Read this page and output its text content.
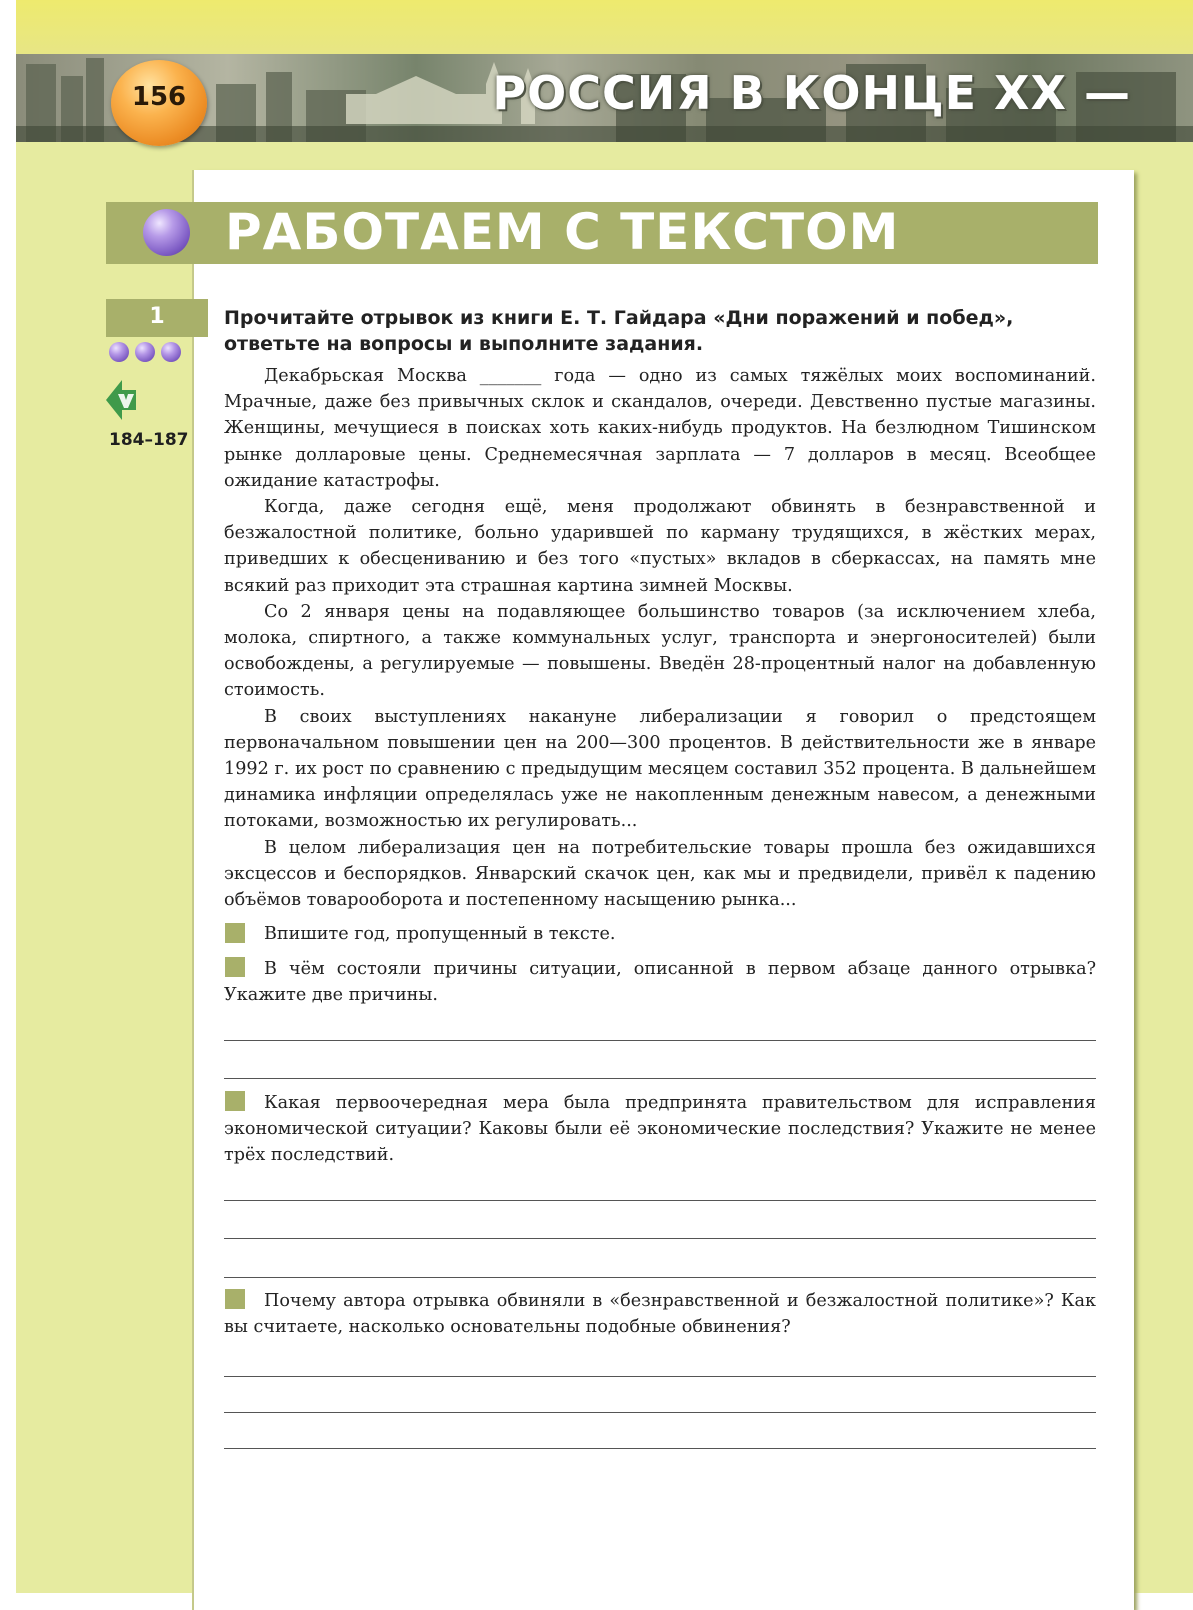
РОССИЯ В КОНЦЕ XX —
156
РАБОТАЕМ С ТЕКСТОМ
1
184–187
Прочитайте отрывок из книги Е. Т. Гайдара «Дни поражений и побед», ответьте на вопросы и выполните задания.

Декабрьская Москва _______ года — одно из самых тяжёлых моих воспоминаний. Мрачные, даже без привычных склок и скандалов, очереди. Девственно пустые магазины. Женщины, мечущиеся в поисках хоть каких-нибудь продуктов. На безлюдном Тишинском рынке долларовые цены. Среднемесячная зарплата — 7 долларов в месяц. Всеобщее ожидание катастрофы.

Когда, даже сегодня ещё, меня продолжают обвинять в безнравственной и безжалостной политике, больно ударившей по карману трудящихся, в жёстких мерах, приведших к обесцениванию и без того «пустых» вкладов в сберкассах, на память мне всякий раз приходит эта страшная картина зимней Москвы.

Со 2 января цены на подавляющее большинство товаров (за исключением хлеба, молока, спиртного, а также коммунальных услуг, транспорта и энергоносителей) были освобождены, а регулируемые — повышены. Введён 28-процентный налог на добавленную стоимость.

В своих выступлениях накануне либерализации я говорил о предстоящем первоначальном повышении цен на 200—300 процентов. В действительности же в январе 1992 г. их рост по сравнению с предыдущим месяцем составил 352 процента. В дальнейшем динамика инфляции определялась уже не накопленным денежным навесом, а денежными потоками, возможностью их регулировать...

В целом либерализация цен на потребительские товары прошла без ожидавшихся эксцессов и беспорядков. Январский скачок цен, как мы и предвидели, привёл к падению объёмов товарооборота и постепенному насыщению рынка...

Впишите год, пропущенный в тексте.
В чём состояли причины ситуации, описанной в первом абзаце данного отрывка? Укажите две причины.
Какая первоочередная мера была предпринята правительством для исправления экономической ситуации? Каковы были её экономические последствия? Укажите не менее трёх последствий.
Почему автора отрывка обвиняли в «безнравственной и безжалостной политике»? Как вы считаете, насколько основательны подобные обвинения?
